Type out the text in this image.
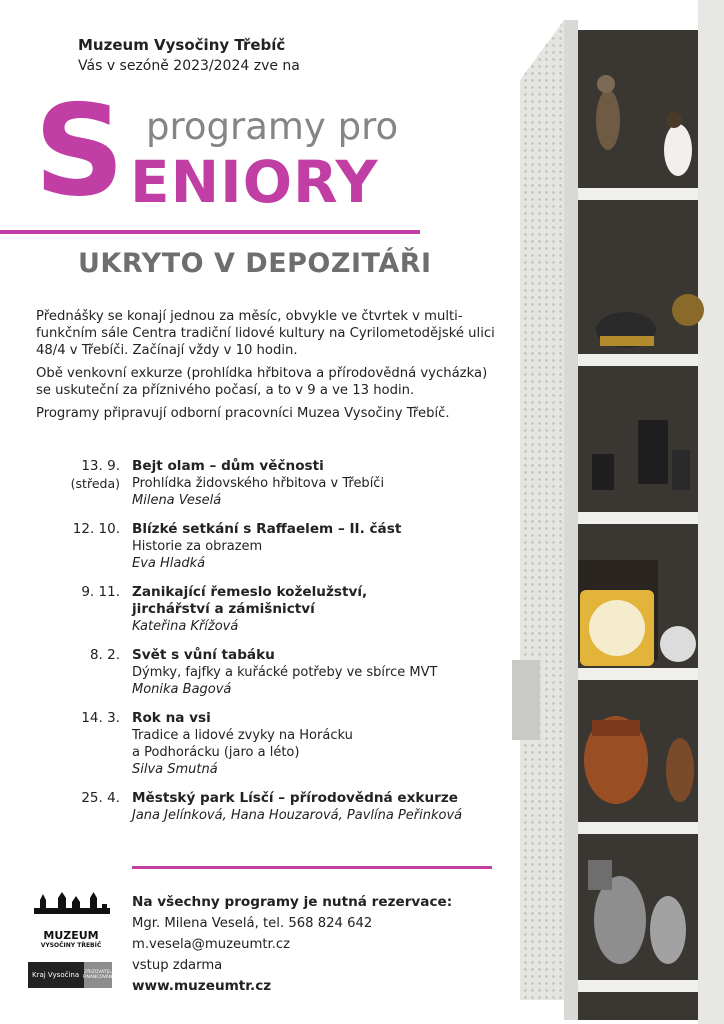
Muzeum Vysočiny Třebíč
Vás v sezóně 2023/2024 zve na
S programy pro
ENIORY
UKRYTO V DEPOZITÁŘI

Přednášky se konají jednou za měsíc, obvykle ve čtvrtek v multi-funkčním sále Centra tradiční lidové kultury na Cyrilometodějské ulici 48/4 v Třebíči. Začínají vždy v 10 hodin.

Obě venkovní exkurze (prohlídka hřbitova a přírodovědná vycházka) se uskuteční za příznivého počasí, a to v 9 a ve 13 hodin.

Programy připravují odborní pracovníci Muzea Vysočiny Třebíč.

13. 9.
(středa)
Bejt olam – dům věčnosti
Prohlídka židovského hřbitova v Třebíči
Milena Veselá
12. 10. Blízké setkání s Raffaelem – II. část
Historie za obrazem
Eva Hladká
9. 11. Zanikající řemeslo koželužství,
jirchářství a zámišnictví
Kateřina Křížová
8. 2. Svět s vůní tabáku
Dýmky, fajfky a kuřácké potřeby ve sbírce MVT
Monika Bagová
14. 3. Rok na vsi
Tradice a lidové zvyky na Horácku
a Podhorácku (jaro a léto)
Silva Smutná
25. 4. Městský park Lísčí – přírodovědná exkurze
Jana Jelínková, Hana Houzarová, Pavlína Peřinková
Na všechny programy je nutná rezervace:
Mgr. Milena Veselá, tel. 568 824 642
m.vesela@muzeumtr.cz
vstup zdarma
www.muzeumtr.cz
MUZEUM
VYSOČINY TŘEBÍČ
Kraj Vysočina	ZŘIZOVATEL FINANCOVÁNÍ
